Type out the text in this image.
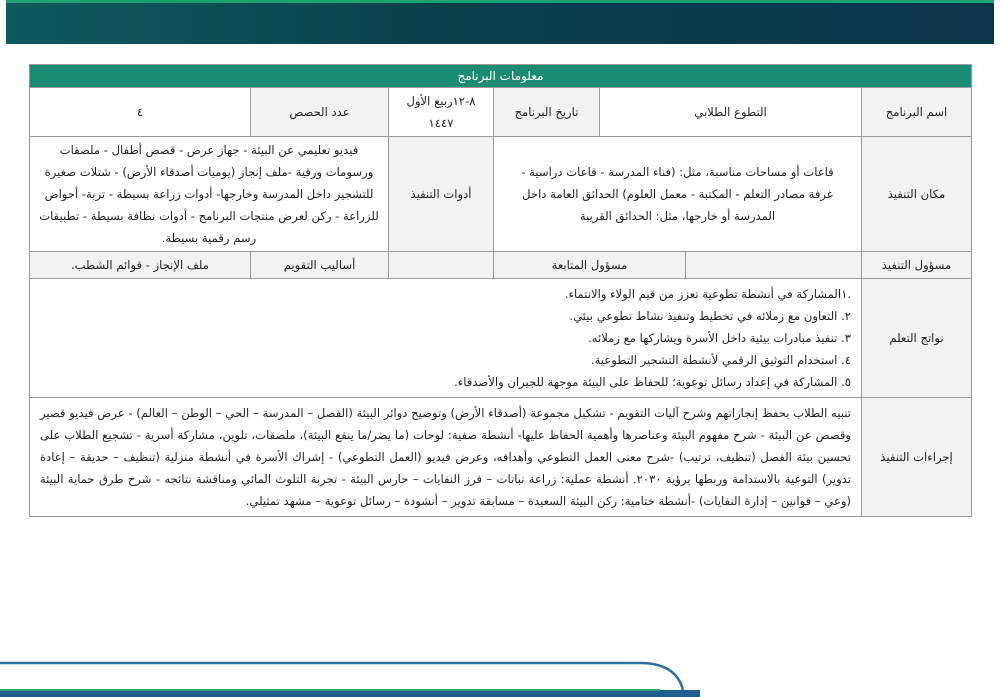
معلومات البرنامج						
اسم البرنامج	التطوع الطلابي		تاريخ البرنامج	٨-١٢ربيع الأول ١٤٤٧	عدد الحصص	٤
مكان التنفيذ	قاعات أو مساحات مناسبة، مثل: (فناء المدرسة - قاعات دراسية - غرفة مصادر التعلم - المكتبة - معمل العلوم) الحدائق العامة داخل المدرسة أو خارجها، مثل: الحدائق القريبة			أدوات التنفيذ	فيديو تعليمي عن البيئة - جهاز عرض - قصص أطفال - ملصقات ورسومات ورقية -ملف إنجاز (يوميات أصدقاء الأرض) - شتلات صغيرة للتشجير داخل المدرسة وخارجها- أدوات زراعة بسيطة - تربة- أحواض للزراعة - ركن لعرض منتجات البرنامج - أدوات نظافة بسيطة - تطبيقات رسم رقمية بسيطة.	
مسؤول التنفيذ		مسؤول المتابعة			أساليب التقويم	ملف الإنجاز - قوائم الشطب.
نواتج التعلم	.١المشاركة في أنشطة تطوعية تعزز من قيم الولاء والانتماء.
٢. التعاون مع زملائه في تخطيط وتنفيذ نشاط تطوعي بيئي.
٣. تنفيذ مبادرات بيئية داخل الأسرة ويشاركها مع زملائه.
٤. استخدام التوثيق الرقمي لأنشطة التشجير التطوعية.
٥. المشاركة في إعداد رسائل توعوية؛ للحفاظ على البيئة موجهة للجيران والأصدقاء.					

إجراءات التنفيذ	تنبيه الطلاب بحفظ إنجازاتهم وشرح آليات التقويم - تشكيل مجموعة (أصدقاء الأرض) وتوضيح دوائر البيئة (الفصل – المدرسة – الحي – الوطن – العالم) - عرض فيديو قصير وقصص عن البيئة - شرح مفهوم البيئة وعناصرها وأهمية الحفاظ عليها- أنشطة صفية: لوحات (ما يضر/ما ينفع البيئة)، ملصقات، تلوين، مشاركة أسرية - تشجيع الطلاب على تحسين بيئة الفصل (تنظيف، ترتيب) -شرح معنى العمل التطوعي وأهدافه، وعرض فيديو (العمل التطوعي) - إشراك الأسرة في أنشطة منزلية (تنظيف – حديقة – إعادة تدوير) التوعية بالاستدامة وربطها برؤية ٢٠٣٠. أنشطة عملية: زراعة نباتات – فرز النفايات – حارس البيئة - تجربة التلوث المائي ومناقشة نتائجه - شرح طرق حماية البيئة (وعي – قوانين – إدارة النفايات) -أنشطة ختامية: ركن البيئة السعيدة – مسابقة تدوير – أنشودة – رسائل توعوية – مشهد تمثيلي.					
